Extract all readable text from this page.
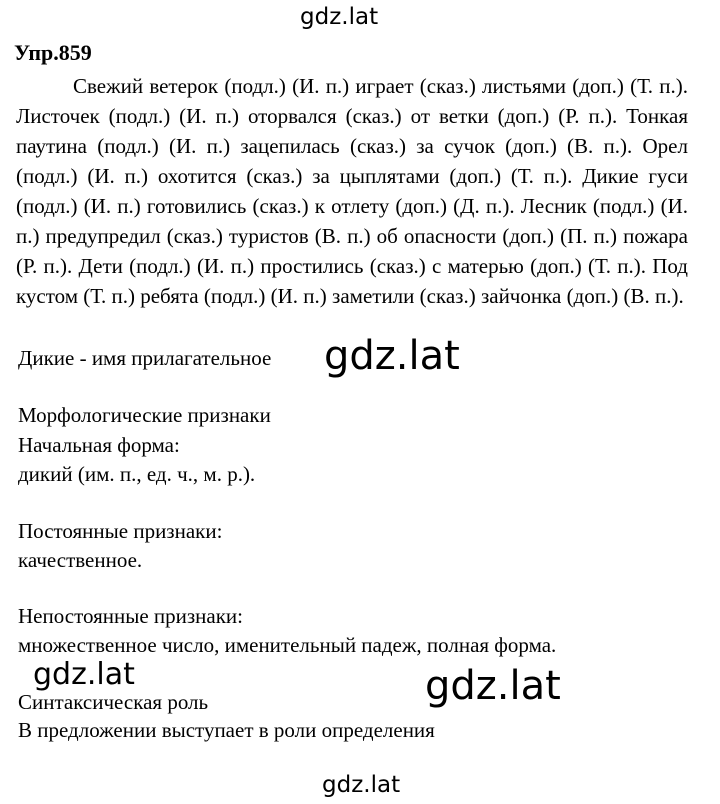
gdz.lat
Упр.859

Свежий ветерок (подл.) (И. п.) играет (сказ.) листьями (доп.) (Т. п.). Листочек (подл.) (И. п.) оторвался (сказ.) от ветки (доп.) (Р. п.). Тонкая паутина (подл.) (И. п.) зацепилась (сказ.) за сучок (доп.) (В. п.). Орел (подл.) (И. п.) охотится (сказ.) за цыплятами (доп.) (Т. п.). Дикие гуси (подл.) (И. п.) готовились (сказ.) к отлету (доп.) (Д. п.). Лесник (подл.) (И. п.) предупредил (сказ.) туристов (В. п.) об опасности (доп.) (П. п.) пожара (Р. п.). Дети (подл.) (И. п.) простились (сказ.) с матерью (доп.) (Т. п.). Под кустом (Т. п.) ребята (подл.) (И. п.) заметили (сказ.) зайчонка (доп.) (В. п.).

Дикие - имя прилагательное gdz.lat
Морфологические признаки
Начальная форма:
дикий (им. п., ед. ч., м. р.).
Постоянные признаки:
качественное.
Непостоянные признаки:
множественное число, именительный падеж, полная форма.
gdz.lat	gdz.lat
Синтаксическая роль
В предложении выступает в роли определения
gdz.lat
